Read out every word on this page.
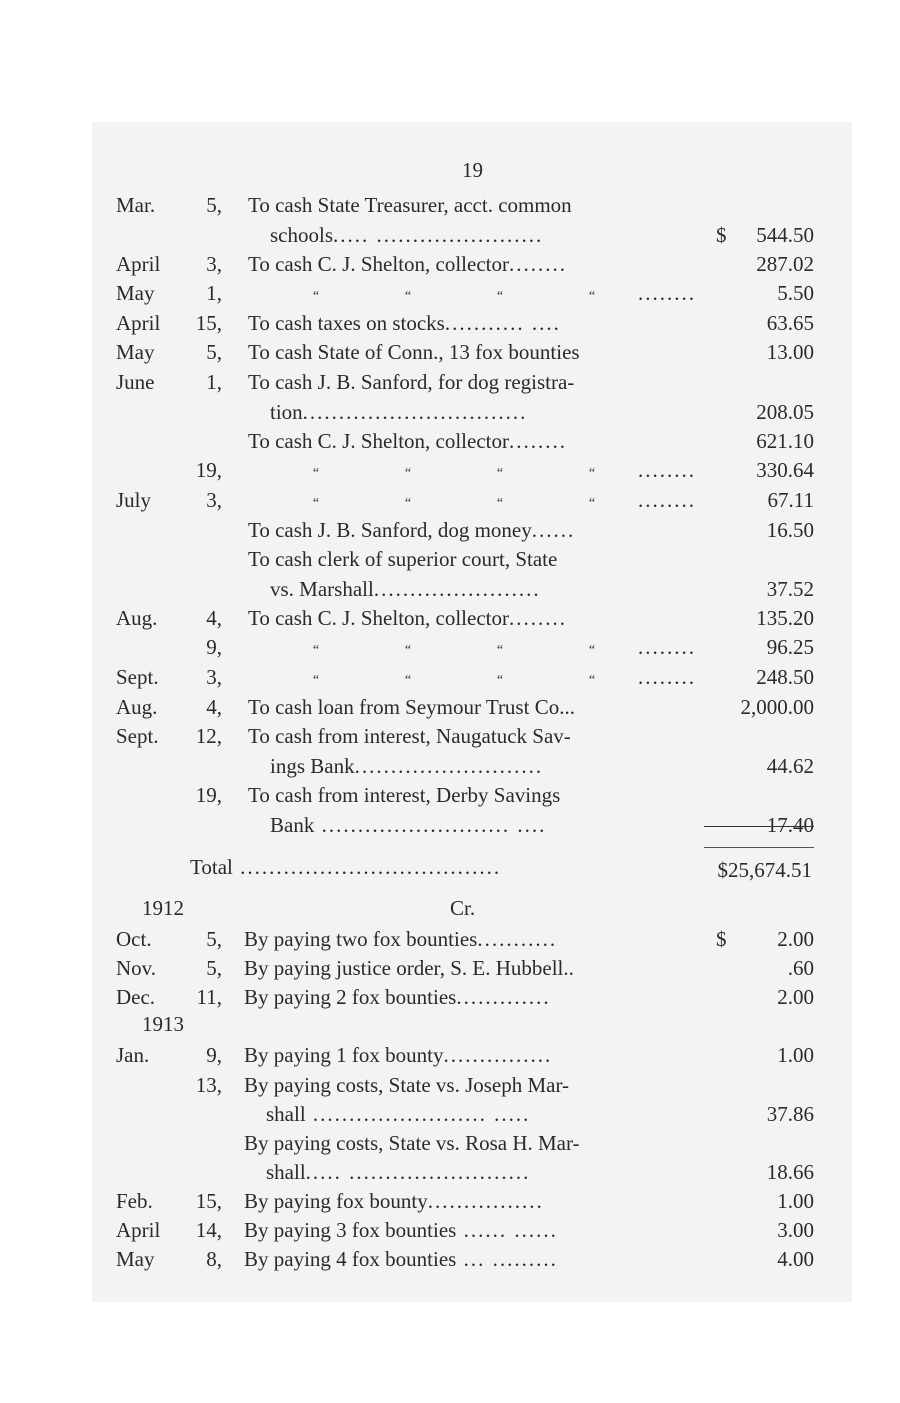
19
Mar.	5, To cash State Treasurer, acct. common
schools..... .......................	$ 544.50
April	3, To cash C. J. Shelton, collector........	287.02
May	1,	“	“	“	“ ........	5.50
April	15, To cash taxes on stocks........... ....	63.65
May	5, To cash State of Conn., 13 fox bounties	13.00
June	1, To cash J. B. Sanford, for dog registra-
tion...............................	208.05
To cash C. J. Shelton, collector........	621.10
19,	“	“	“	“ ........	330.64
July	3,	“	“	“	“ ........	67.11
To cash J. B. Sanford, dog money......	16.50
To cash clerk of superior court, State
vs. Marshall.......................	37.52
Aug.	4, To cash C. J. Shelton, collector........	135.20
9,	“	“	“	“ ........	96.25
Sept.	3,	“	“	“	“ ........	248.50
Aug.	4, To cash loan from Seymour Trust Co...	2,000.00
Sept.	12, To cash from interest, Naugatuck Sav-
ings Bank..........................	44.62
19, To cash from interest, Derby Savings
Bank .......................... ....	17.40
Total ....................................	$25,674.51
1912	Cr.
1913
Oct.	5, By paying two fox bounties...........	$ 2.00
Nov.	5, By paying justice order, S. E. Hubbell..	.60
Dec.	11, By paying 2 fox bounties.............	2.00
Jan.	9, By paying 1 fox bounty...............	1.00
13, By paying costs, State vs. Joseph Mar-
shall ........................ .....	37.86
By paying costs, State vs. Rosa H. Mar-
shall..... .........................	18.66
Feb.	15, By paying fox bounty................	1.00
April	14, By paying 3 fox bounties ...... ......	3.00
May	8, By paying 4 fox bounties ... .........	4.00
